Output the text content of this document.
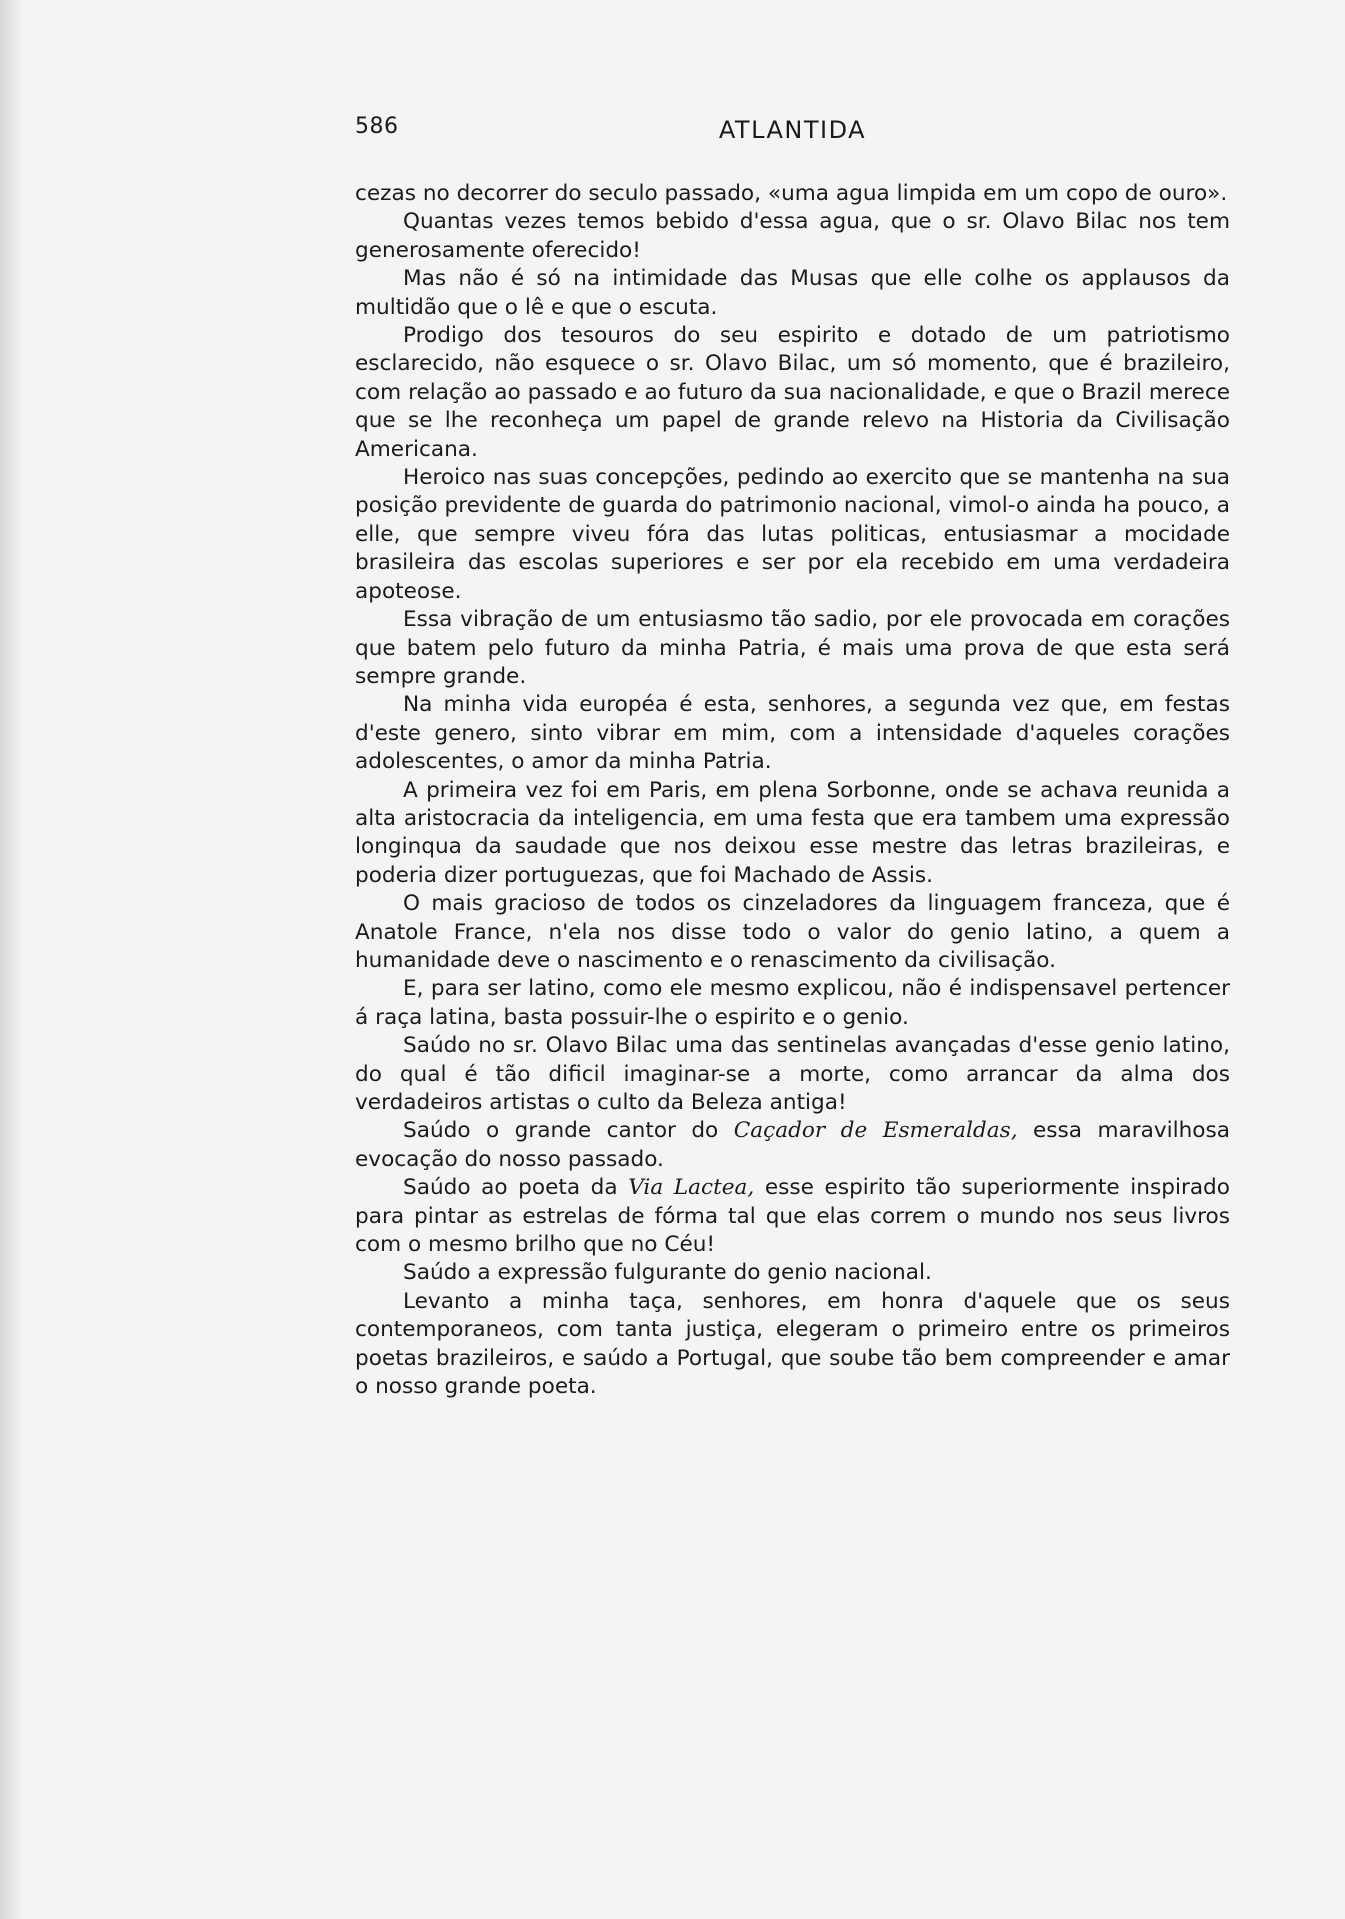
586	ATLANTIDA

cezas no decorrer do seculo passado, «uma agua limpida em um copo de ouro».

Quantas vezes temos bebido d'essa agua, que o sr. Olavo Bilac nos tem generosamente oferecido!

Mas não é só na intimidade das Musas que elle colhe os applausos da multidão que o lê e que o escuta.

Prodigo dos tesouros do seu espirito e dotado de um patriotismo esclarecido, não esquece o sr. Olavo Bilac, um só momento, que é brazileiro, com relação ao passado e ao futuro da sua nacionalidade, e que o Brazil merece que se lhe reconheça um papel de grande relevo na Historia da Civilisação Americana.

Heroico nas suas concepções, pedindo ao exercito que se mantenha na sua posição previdente de guarda do patrimonio nacional, vimol-o ainda ha pouco, a elle, que sempre viveu fóra das lutas politicas, entusiasmar a mocidade brasileira das escolas superiores e ser por ela recebido em uma verdadeira apoteose.

Essa vibração de um entusiasmo tão sadio, por ele provocada em corações que batem pelo futuro da minha Patria, é mais uma prova de que esta será sempre grande.

Na minha vida européa é esta, senhores, a segunda vez que, em festas d'este genero, sinto vibrar em mim, com a intensidade d'aqueles corações adolescentes, o amor da minha Patria.

A primeira vez foi em Paris, em plena Sorbonne, onde se achava reunida a alta aristocracia da inteligencia, em uma festa que era tambem uma expressão longinqua da saudade que nos deixou esse mestre das letras brazileiras, e poderia dizer portuguezas, que foi Machado de Assis.

O mais gracioso de todos os cinzeladores da linguagem franceza, que é Anatole France, n'ela nos disse todo o valor do genio latino, a quem a humanidade deve o nascimento e o renascimento da civilisação.

E, para ser latino, como ele mesmo explicou, não é indispensavel pertencer á raça latina, basta possuir-lhe o espirito e o genio.

Saúdo no sr. Olavo Bilac uma das sentinelas avançadas d'esse genio latino, do qual é tão dificil imaginar-se a morte, como arrancar da alma dos verdadeiros artistas o culto da Beleza antiga!

Saúdo o grande cantor do Caçador de Esmeraldas, essa maravilhosa evocação do nosso passado.

Saúdo ao poeta da Via Lactea, esse espirito tão superiormente inspirado para pintar as estrelas de fórma tal que elas correm o mundo nos seus livros com o mesmo brilho que no Céu!

Saúdo a expressão fulgurante do genio nacional.

Levanto a minha taça, senhores, em honra d'aquele que os seus contemporaneos, com tanta justiça, elegeram o primeiro entre os primeiros poetas brazileiros, e saúdo a Portugal, que soube tão bem compreender e amar o nosso grande poeta.
